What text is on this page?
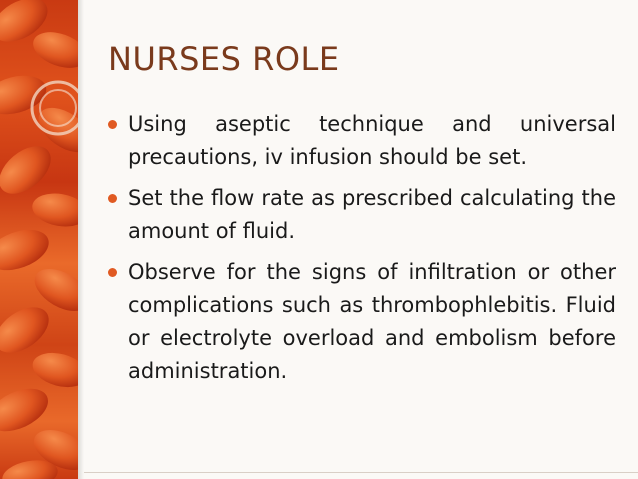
NURSES ROLE
Using aseptic technique and universal precautions, iv infusion should be set.
Set the flow rate as prescribed calculating the amount of fluid.
Observe for the signs of infiltration or other complications such as thrombophlebitis. Fluid or electrolyte overload and embolism before administration.
